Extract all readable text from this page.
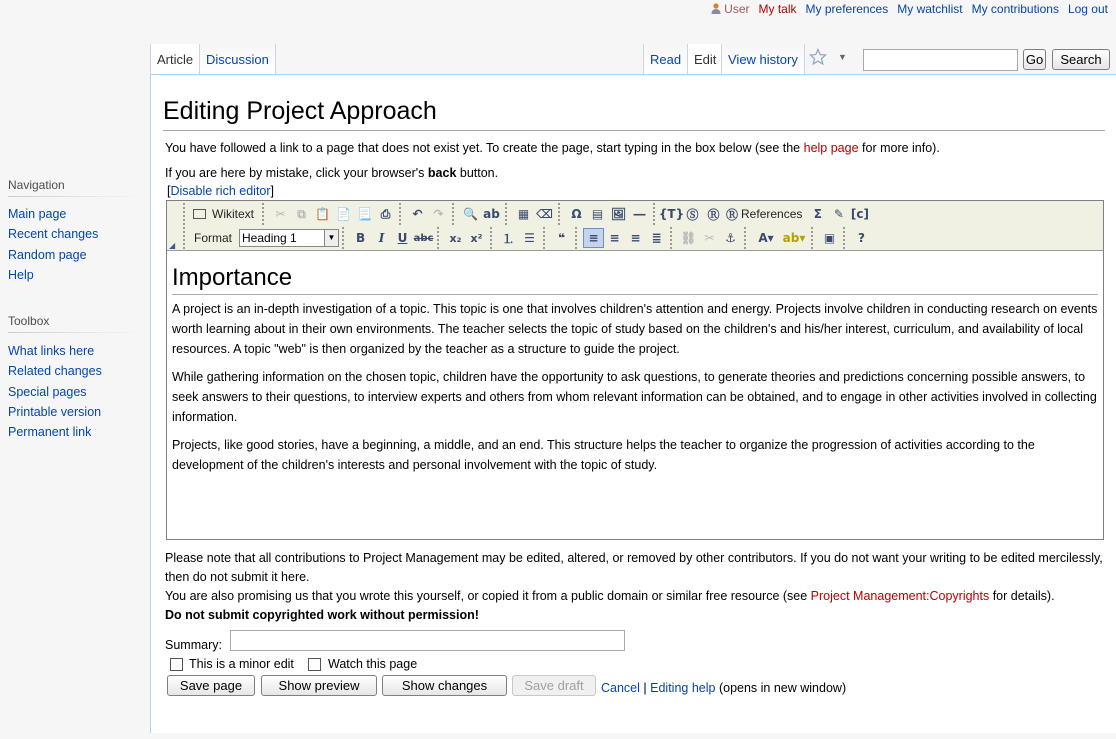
User My talk My preferences My watchlist My contributions Log out
Navigation
Main page
Recent changes
Random page
Help
Toolbox
What links here
Related changes
Special pages
Printable version
Permanent link
Article Discussion	Read Edit View history	▼	Go	Search
Editing Project Approach
You have followed a link to a page that does not exist yet. To create the page, start typing in the box below (see the help page for more info).
If you are here by mistake, click your browser's back button.
[Disable rich editor]
Wikitext	✂ ⧉ 📋 📄 📃 ⎙	↶ ↷	🔍 ab	▦ ⌫	Ω ▤ 🖼 ―	{T} Ⓢ Ⓡ Ⓡ References Σ ✎ [c]
Format Heading 1	▼	B	I	U abc	x₂ x²	⒈ ☰	❝	≡ ≡ ≡ ≣	⛓ ✂ ⚓	A▾ ab▾	▣	?
◢
Importance

A project is an in-depth investigation of a topic. This topic is one that involves children's attention and energy. Projects involve children in conducting research on events worth learning about in their own environments. The teacher selects the topic of study based on the children's and his/her interest, curriculum, and availability of local resources. A topic "web" is then organized by the teacher as a structure to guide the project.

While gathering information on the chosen topic, children have the opportunity to ask questions, to generate theories and predictions concerning possible answers, to seek answers to their questions, to interview experts and others from whom relevant information can be obtained, and to engage in other activities involved in collecting information.

Projects, like good stories, have a beginning, a middle, and an end. This structure helps the teacher to organize the progression of activities according to the development of the children's interests and personal involvement with the topic of study.

Please note that all contributions to Project Management may be edited, altered, or removed by other contributors. If you do not want your writing to be edited mercilessly, then do not submit it here.
You are also promising us that you wrote this yourself, or copied it from a public domain or similar free resource (see Project Management:Copyrights for details).
Do not submit copyrighted work without permission!
Summary:
This is a minor edit	Watch this page
Save page	Show preview	Show changes	Save draft	Cancel | Editing help (opens in new window)
